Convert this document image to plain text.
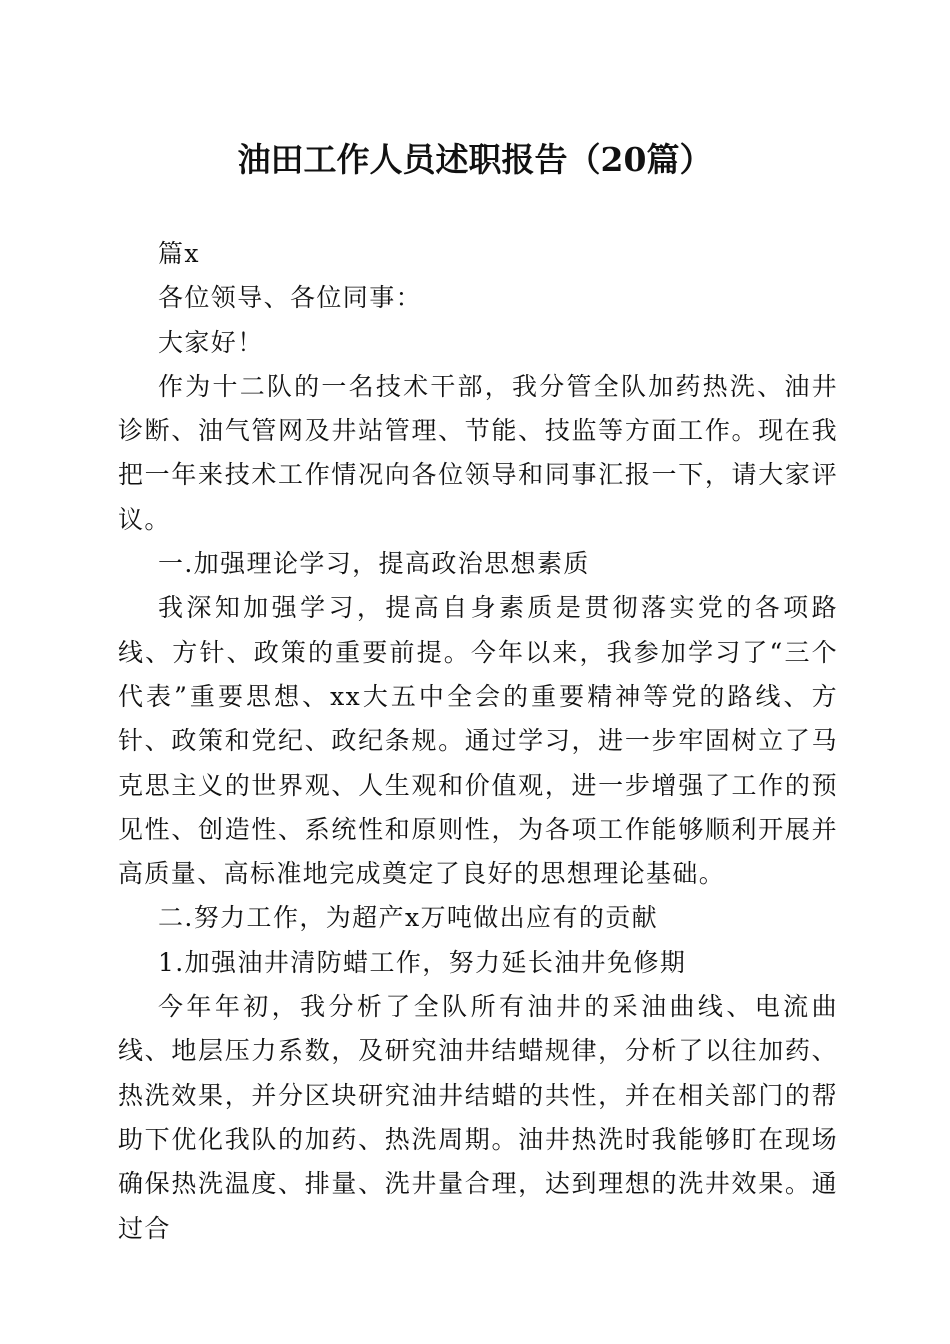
油田工作人员述职报告（20篇）

篇x

各位领导、各位同事：

大家好！

作为十二队的一名技术干部，我分管全队加药热洗、油井诊断、油气管网及井站管理、节能、技监等方面工作。现在我把一年来技术工作情况向各位领导和同事汇报一下，请大家评议。

一.加强理论学习，提高政治思想素质

我深知加强学习，提高自身素质是贯彻落实党的各项路线、方针、政策的重要前提。今年以来，我参加学习了“三个代表”重要思想、xx大五中全会的重要精神等党的路线、方针、政策和党纪、政纪条规。通过学习，进一步牢固树立了马克思主义的世界观、人生观和价值观，进一步增强了工作的预见性、创造性、系统性和原则性，为各项工作能够顺利开展并高质量、高标准地完成奠定了良好的思想理论基础。

二.努力工作，为超产x万吨做出应有的贡献

1.加强油井清防蜡工作，努力延长油井免修期

今年年初，我分析了全队所有油井的采油曲线、电流曲线、地层压力系数，及研究油井结蜡规律，分析了以往加药、热洗效果，并分区块研究油井结蜡的共性，并在相关部门的帮助下优化我队的加药、热洗周期。油井热洗时我能够盯在现场确保热洗温度、排量、洗井量合理，达到理想的洗井效果。通过合
